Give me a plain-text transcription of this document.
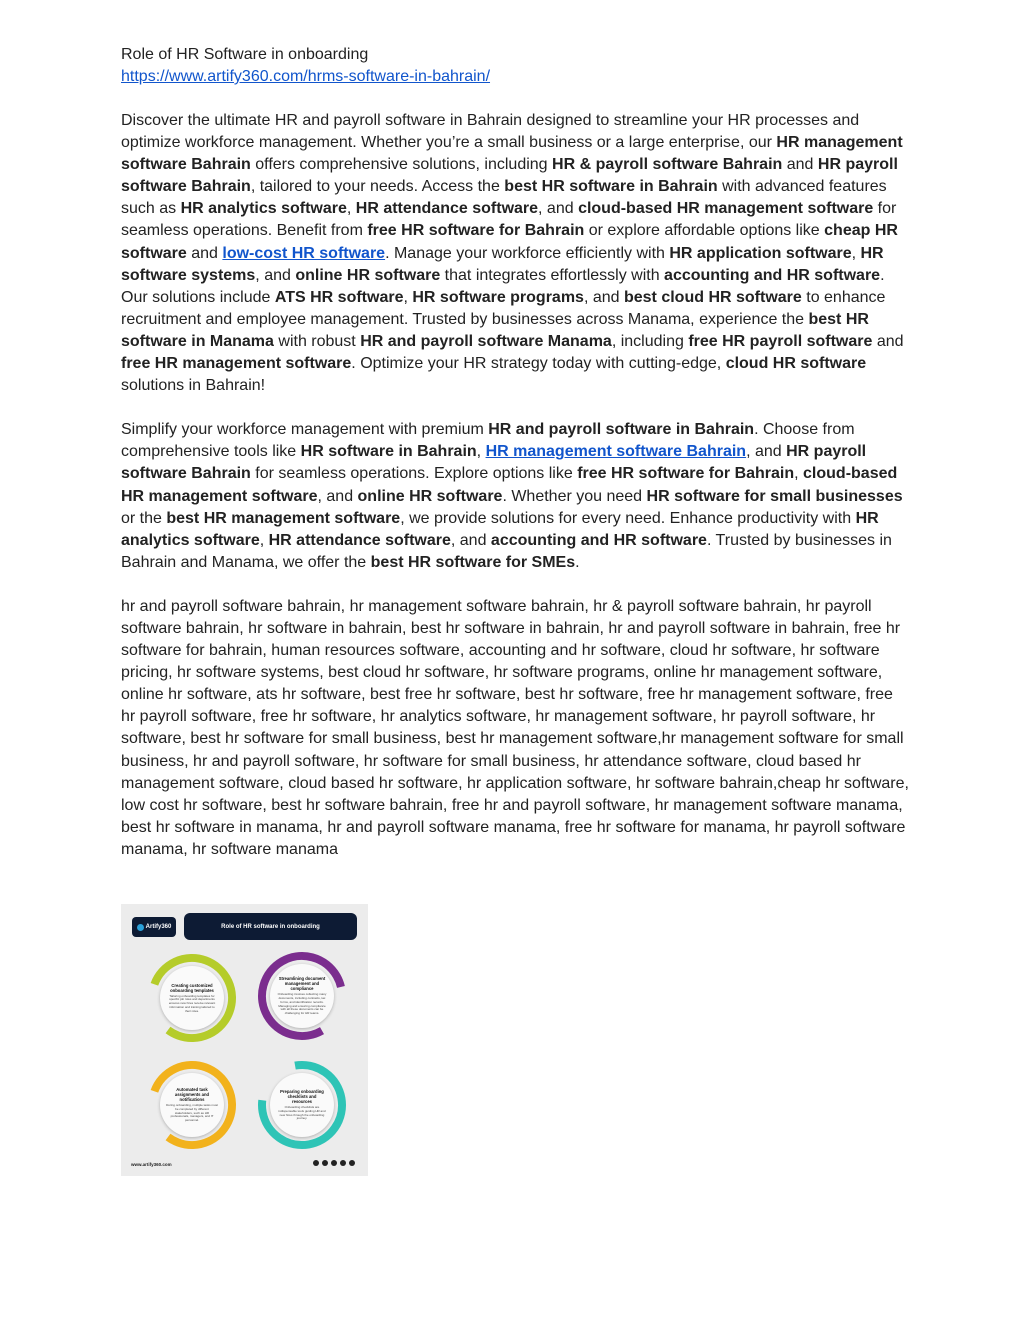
Role of HR Software in onboarding
https://www.artify360.com/hrms-software-in-bahrain/

Discover the ultimate HR and payroll software in Bahrain designed to streamline your HR processes and optimize workforce management. Whether you’re a small business or a large enterprise, our HR management software Bahrain offers comprehensive solutions, including HR & payroll software Bahrain and HR payroll software Bahrain, tailored to your needs. Access the best HR software in Bahrain with advanced features such as HR analytics software, HR attendance software, and cloud-based HR management software for seamless operations. Benefit from free HR software for Bahrain or explore affordable options like cheap HR software and low-cost HR software. Manage your workforce efficiently with HR application software, HR software systems, and online HR software that integrates effortlessly with accounting and HR software. Our solutions include ATS HR software, HR software programs, and best cloud HR software to enhance recruitment and employee management. Trusted by businesses across Manama, experience the best HR software in Manama with robust HR and payroll software Manama, including free HR payroll software and free HR management software. Optimize your HR strategy today with cutting-edge, cloud HR software solutions in Bahrain!

Simplify your workforce management with premium HR and payroll software in Bahrain. Choose from comprehensive tools like HR software in Bahrain, HR management software Bahrain, and HR payroll software Bahrain for seamless operations. Explore options like free HR software for Bahrain, cloud-based HR management software, and online HR software. Whether you need HR software for small businesses or the best HR management software, we provide solutions for every need. Enhance productivity with HR analytics software, HR attendance software, and accounting and HR software. Trusted by businesses in Bahrain and Manama, we offer the best HR software for SMEs.

hr and payroll software bahrain, hr management software bahrain, hr & payroll software bahrain, hr payroll software bahrain, hr software in bahrain, best hr software in bahrain, hr and payroll software in bahrain, free hr software for bahrain, human resources software, accounting and hr software, cloud hr software, hr software pricing, hr software systems, best cloud hr software, hr software programs, online hr management software, online hr software, ats hr software, best free hr software, best hr software, free hr management software, free hr payroll software, free hr software, hr analytics software, hr management software, hr payroll software, hr software, best hr software for small business, best hr management software,hr management software for small business, hr and payroll software, hr software for small business, hr attendance software, cloud based hr management software, cloud based hr software, hr application software, hr software bahrain,cheap hr software, low cost hr software, best hr software bahrain, free hr and payroll software, hr management software manama, best hr software in manama, hr and payroll software manama, free hr software for manama, hr payroll software manama, hr software manama

Artify360	Role of HR software in onboarding
Creating customized onboarding templates
Tailoring onboarding templates for specific job roles and departments ensures new hires receive relevant information and training tailored to their roles.
Streamlining document management and compliance
Onboarding involves collecting many documents, including contracts, tax forms, and identification records. Managing and ensuring compliance with all these documents can be challenging for HR teams.
Automated task assignments and notifications
During onboarding, multiple tasks must be completed by different stakeholders, such as HR professionals, managers, and IT personnel.
Preparing onboarding checklists and resources
Onboarding checklists are indispensable tools guiding HR and new hires through the onboarding journey.
www.artify360.com
